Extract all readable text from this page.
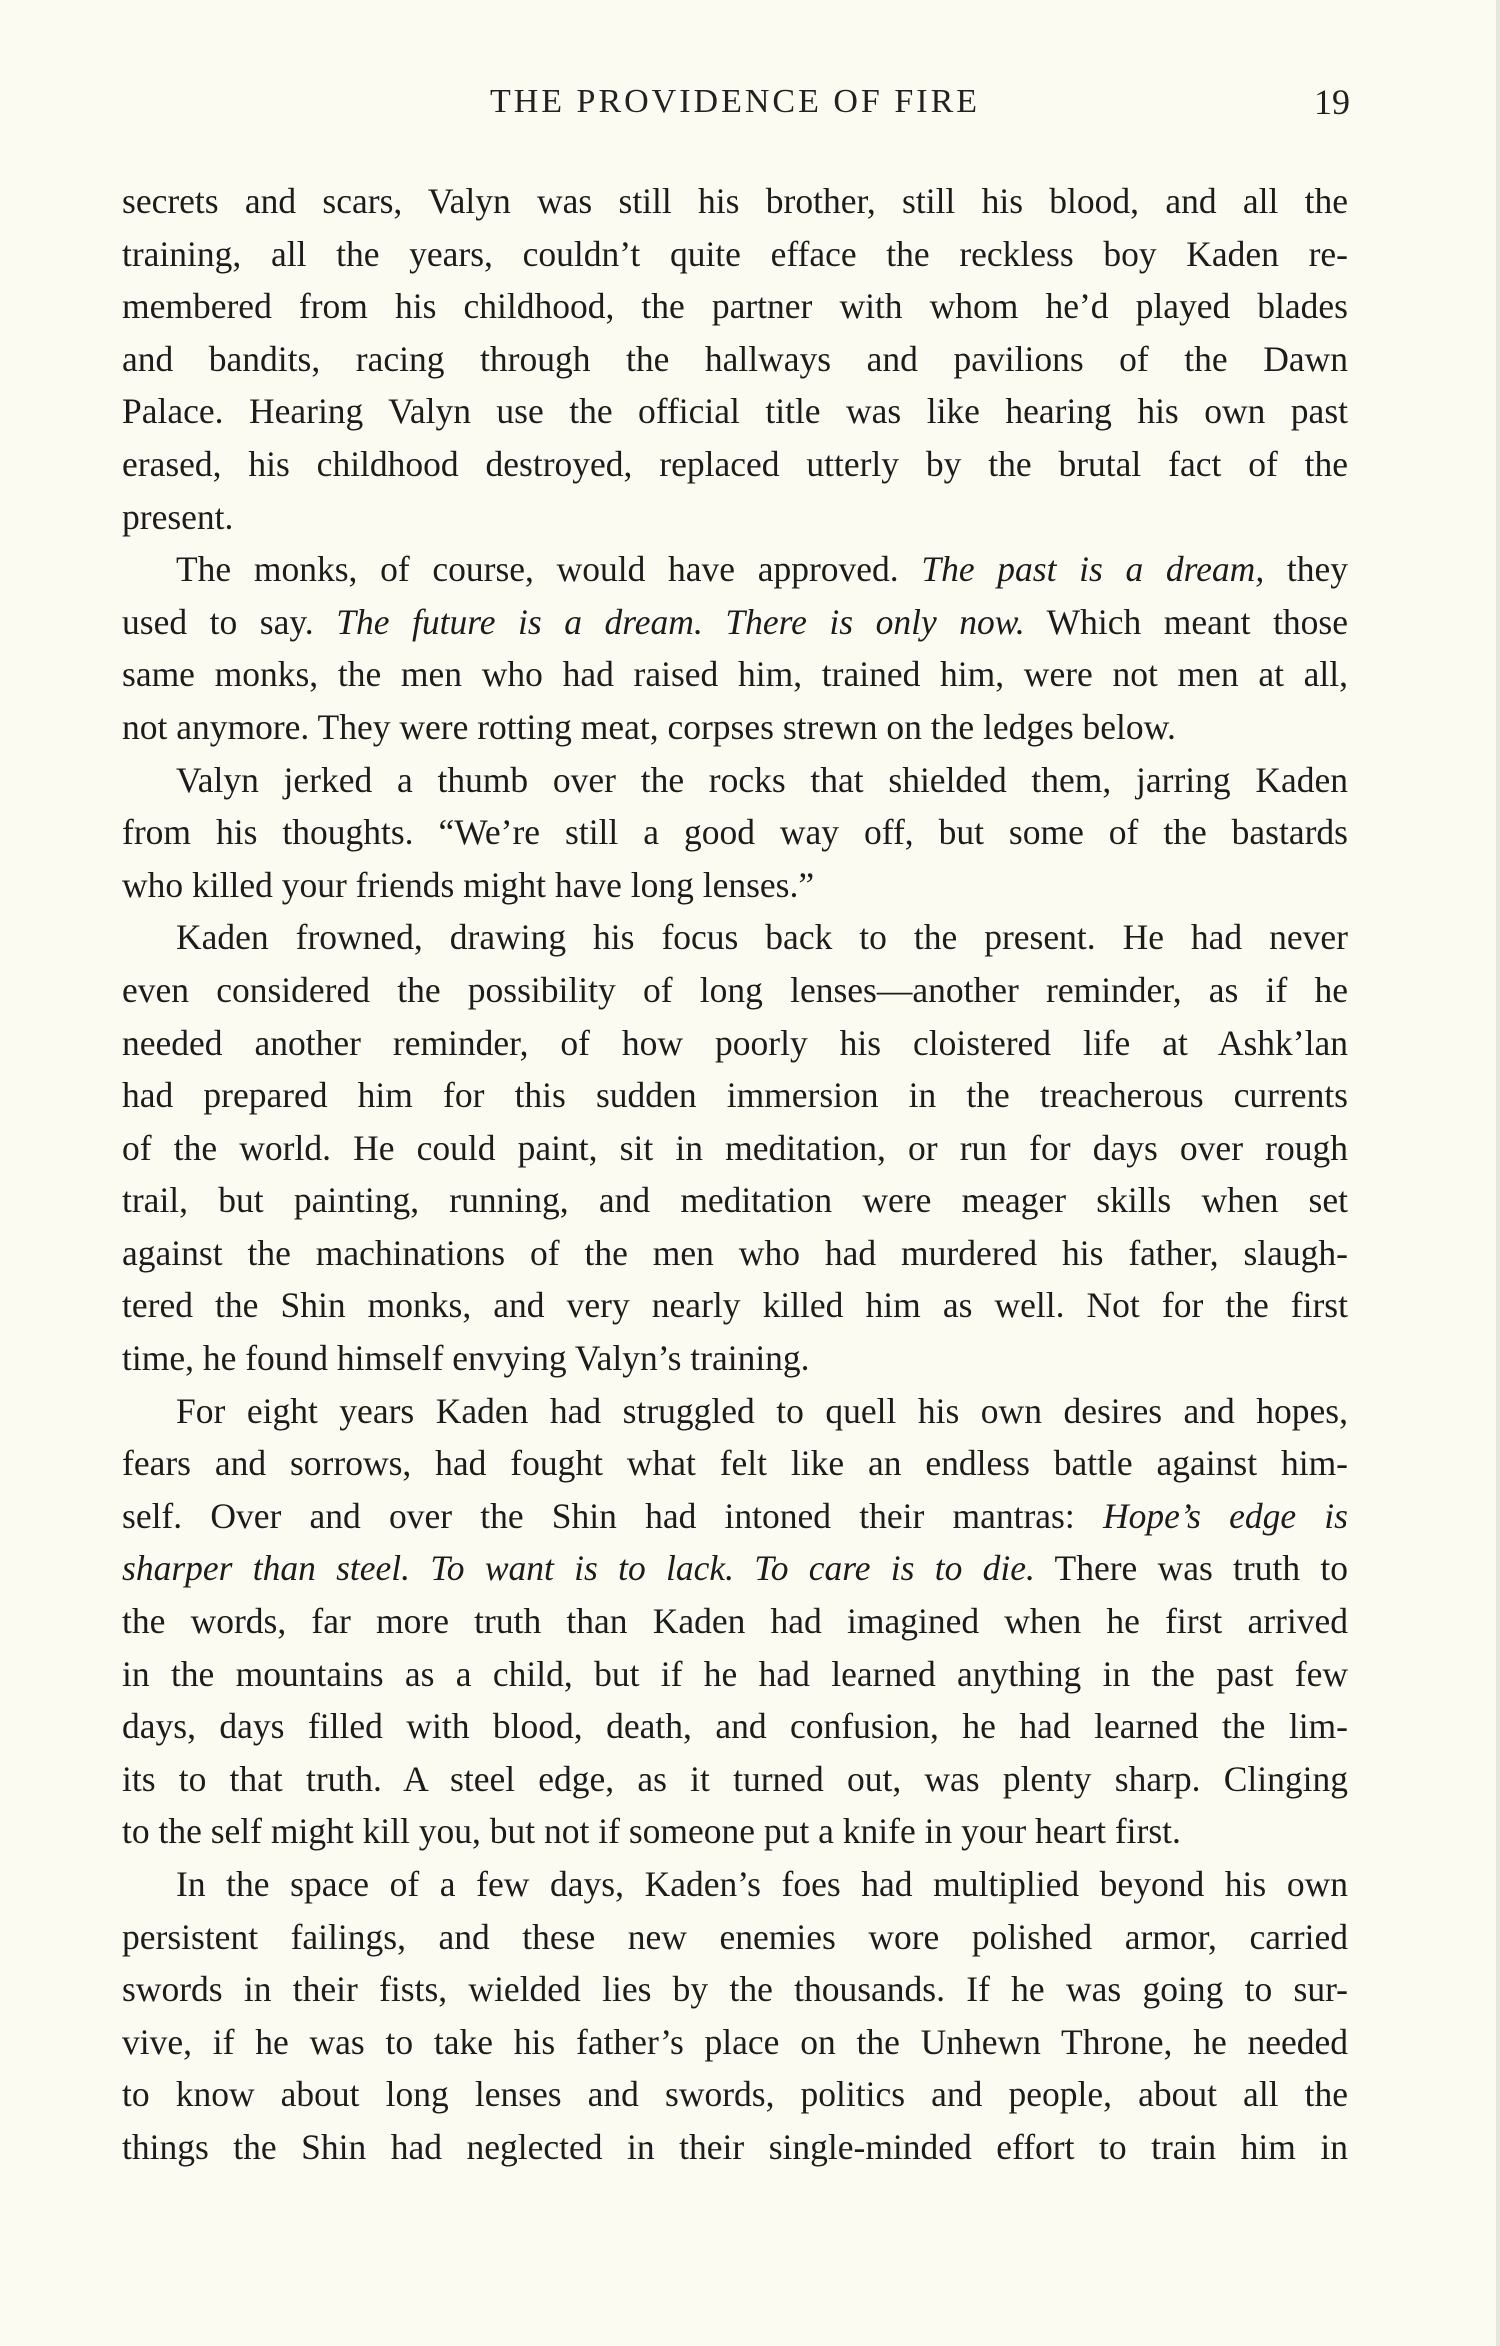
THE PROVIDENCE OF FIRE	19
secrets and scars, Valyn was still his brother, still his blood, and all the
training, all the years, couldn’t quite efface the reckless boy Kaden re-
membered from his childhood, the partner with whom he’d played blades
and bandits, racing through the hallways and pavilions of the Dawn
Palace. Hearing Valyn use the official title was like hearing his own past
erased, his childhood destroyed, replaced utterly by the brutal fact of the
present.
The monks, of course, would have approved. The past is a dream, they
used to say. The future is a dream. There is only now. Which meant those
same monks, the men who had raised him, trained him, were not men at all,
not anymore. They were rotting meat, corpses strewn on the ledges below.
Valyn jerked a thumb over the rocks that shielded them, jarring Kaden
from his thoughts. “We’re still a good way off, but some of the bastards
who killed your friends might have long lenses.”
Kaden frowned, drawing his focus back to the present. He had never
even considered the possibility of long lenses—another reminder, as if he
needed another reminder, of how poorly his cloistered life at Ashk’lan
had prepared him for this sudden immersion in the treacherous currents
of the world. He could paint, sit in meditation, or run for days over rough
trail, but painting, running, and meditation were meager skills when set
against the machinations of the men who had murdered his father, slaugh-
tered the Shin monks, and very nearly killed him as well. Not for the first
time, he found himself envying Valyn’s training.
For eight years Kaden had struggled to quell his own desires and hopes,
fears and sorrows, had fought what felt like an endless battle against him-
self. Over and over the Shin had intoned their mantras: Hope’s edge is
sharper than steel. To want is to lack. To care is to die. There was truth to
the words, far more truth than Kaden had imagined when he first arrived
in the mountains as a child, but if he had learned anything in the past few
days, days filled with blood, death, and confusion, he had learned the lim-
its to that truth. A steel edge, as it turned out, was plenty sharp. Clinging
to the self might kill you, but not if someone put a knife in your heart first.
In the space of a few days, Kaden’s foes had multiplied beyond his own
persistent failings, and these new enemies wore polished armor, carried
swords in their fists, wielded lies by the thousands. If he was going to sur-
vive, if he was to take his father’s place on the Unhewn Throne, he needed
to know about long lenses and swords, politics and people, about all the
things the Shin had neglected in their single-minded effort to train him in
